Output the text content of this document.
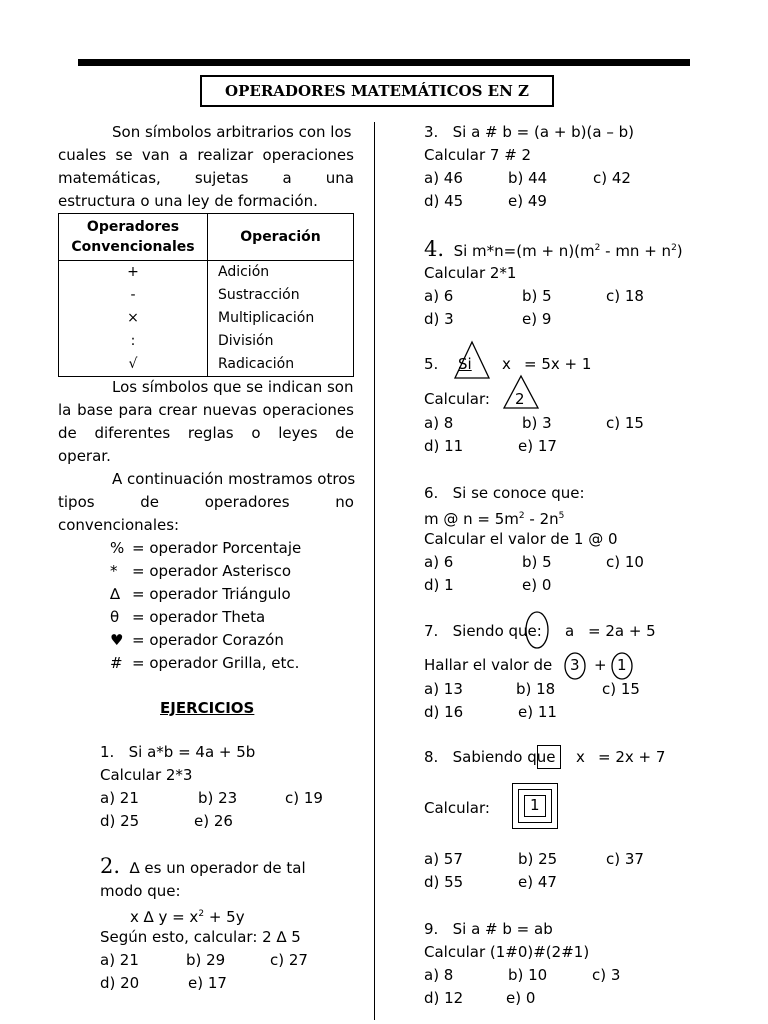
OPERADORES MATEMÁTICOS EN Z
Son símbolos arbitrarios con los
cuales se van a realizar operaciones
matemáticas, sujetas a una
estructura o una ley de formación.
Operadores
Convencionales	Operación
+	Adición
-	Sustracción
×	Multiplicación
:	División
√	Radicación
Los símbolos que se indican son
la base para crear nuevas operaciones
de diferentes reglas o leyes de
operar.
A continuación mostramos otros
tipos	de	operadores	no
convencionales:
% = operador Porcentaje
* = operador Asterisco
∆ = operador Triángulo
θ = operador Theta
♥ = operador Corazón
# = operador Grilla, etc.
EJERCICIOS
1. Si a*b = 4a + 5b
Calcular 2*3
a) 21	b) 23	c) 19
d) 25	e) 26
2. ∆ es un operador de tal
modo que:
x ∆ $y = x^2 + 5y$
Según esto, calcular: 2 ∆ 5
a) 21	b) 29	c) 27
d) 20	e) 17
3. Si a # b = (a + b)(a – b)
Calcular 7 # 2
a) 46	b) 44	c) 42
d) 45	e) 49
4. Si $m*n=(m + n)(m^2$ - mn + $n^2$)
Calcular 2*1
a) 6	b) 5	c) 18
d) 3	e) 9
5. Si x = 5x + 1
Calcular: 2
a) 8	b) 3	c) 15
d) 11	e) 17
6. Si se conoce que:
m @ $n = 5m^2 - 2n^5$
Calcular el valor de 1 @ 0
a) 6	b) 5	c) 10
d) 1	e) 0
7. Siendo que: a = 2a + 5
Hallar el valor de 3 + 1
a) 13	b) 18	c) 15
d) 16	e) 11
8. Sabiendo que x = 2x + 7
Calcular:	1
a) 57	b) 25	c) 37
d) 55	e) 47
9. Si a # b = ab
Calcular (1#0)#(2#1)
a) 8	b) 10	c) 3
d) 12	e) 0
